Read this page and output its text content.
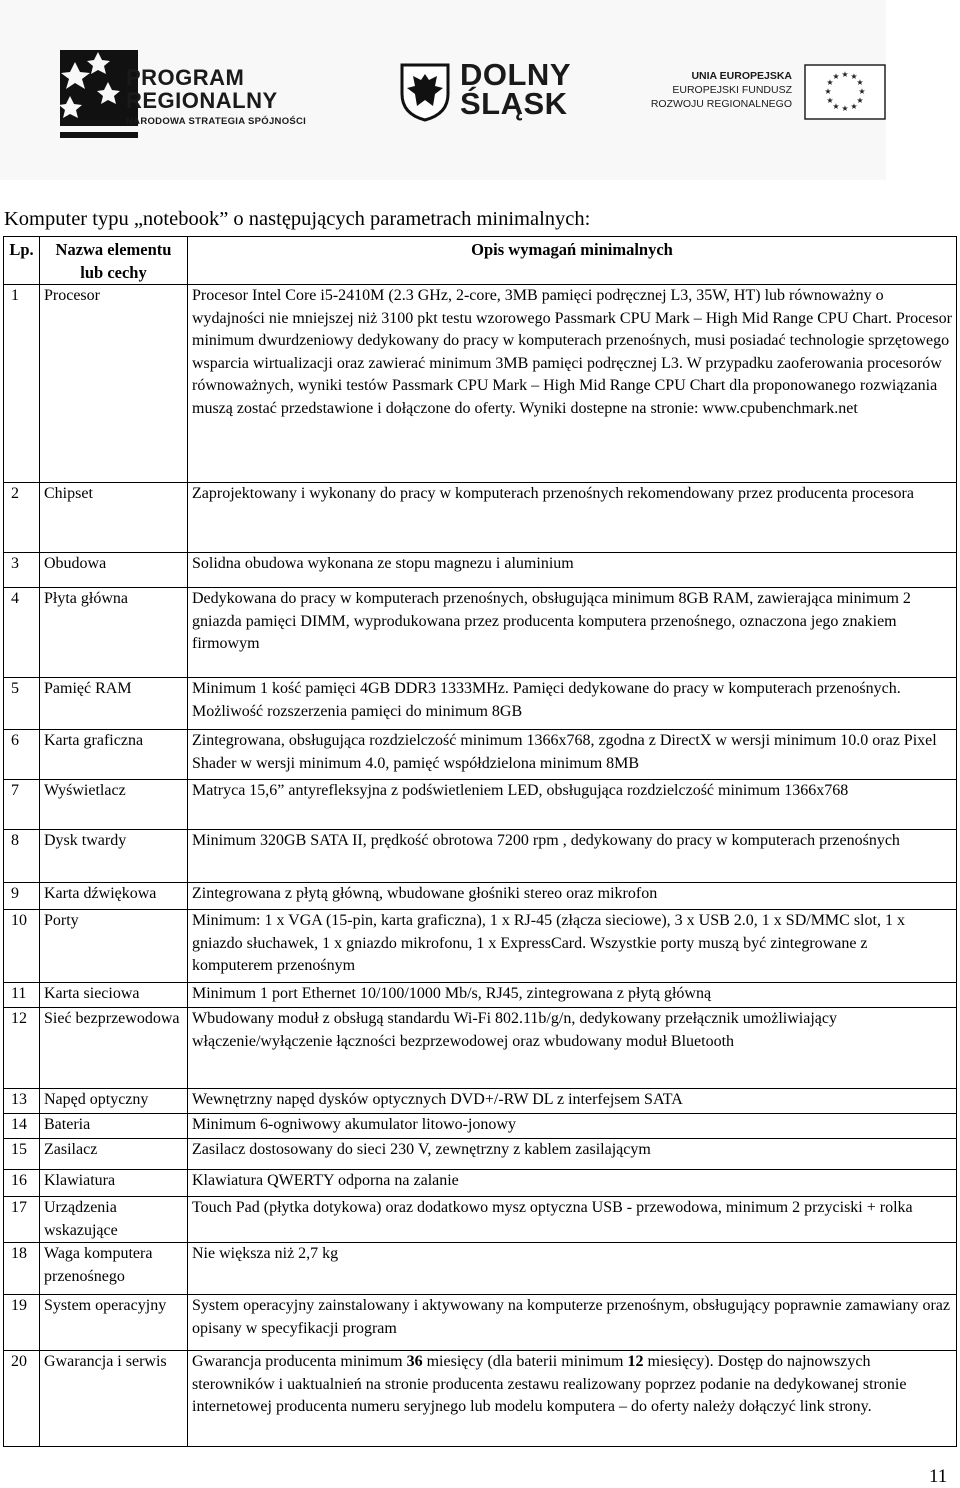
PROGRAM
REGIONALNY
NARODOWA STRATEGIA SPÓJNOŚCI
DOLNY
ŚLĄSK
UNIA EUROPEJSKA
EUROPEJSKI FUNDUSZ
ROZWOJU REGIONALNEGO
★ ★
★
★
★
★
★
★
★
★
★
★
Komputer typu „notebook” o następujących parametrach minimalnych:
Lp.	Nazwa elementu lub cechy	Opis wymagań minimalnych
1	Procesor	Procesor Intel Core i5-2410M (2.3 GHz, 2-core, 3MB pamięci podręcznej L3, 35W, HT) lub równoważny o wydajności nie mniejszej niż 3100 pkt testu wzorowego Passmark CPU Mark – High Mid Range CPU Chart. Procesor minimum dwurdzeniowy dedykowany do pracy w komputerach przenośnych, musi posiadać technologie sprzętowego wsparcia wirtualizacji oraz zawierać minimum 3MB pamięci podręcznej L3. W przypadku zaoferowania procesorów równoważnych, wyniki testów Passmark CPU Mark – High Mid Range CPU Chart dla proponowanego rozwiązania muszą zostać przedstawione i dołączone do oferty. Wyniki dostepne na stronie: www.cpubenchmark.net
2	Chipset	Zaprojektowany i wykonany do pracy w komputerach przenośnych rekomendowany przez producenta procesora
3	Obudowa	Solidna obudowa wykonana ze stopu magnezu i aluminium
4	Płyta główna	Dedykowana do pracy w komputerach przenośnych, obsługująca minimum 8GB RAM, zawierająca minimum 2 gniazda pamięci DIMM, wyprodukowana przez producenta komputera przenośnego, oznaczona jego znakiem firmowym
5	Pamięć RAM	Minimum 1 kość pamięci 4GB DDR3 1333MHz. Pamięci dedykowane do pracy w komputerach przenośnych. Możliwość rozszerzenia pamięci do minimum 8GB
6	Karta graficzna	Zintegrowana, obsługująca rozdzielczość minimum 1366x768, zgodna z DirectX w wersji minimum 10.0 oraz Pixel Shader w wersji minimum 4.0, pamięć współdzielona minimum 8MB
7	Wyświetlacz	Matryca 15,6” antyrefleksyjna z podświetleniem LED, obsługująca rozdzielczość minimum 1366x768
8	Dysk twardy	Minimum 320GB SATA II, prędkość obrotowa 7200 rpm , dedykowany do pracy w komputerach przenośnych
9	Karta dźwiękowa	Zintegrowana z płytą główną, wbudowane głośniki stereo oraz mikrofon
10	Porty	Minimum: 1 x VGA (15-pin, karta graficzna), 1 x RJ-45 (złącza sieciowe), 3 x USB 2.0, 1 x SD/MMC slot, 1 x gniazdo słuchawek, 1 x gniazdo mikrofonu, 1 x ExpressCard. Wszystkie porty muszą być zintegrowane z komputerem przenośnym
11	Karta sieciowa	Minimum 1 port Ethernet 10/100/1000 Mb/s, RJ45, zintegrowana z płytą główną
12	Sieć bezprzewodowa	Wbudowany moduł z obsługą standardu Wi-Fi 802.11b/g/n, dedykowany przełącznik umożliwiający włączenie/wyłączenie łączności bezprzewodowej oraz wbudowany moduł Bluetooth
13	Napęd optyczny	Wewnętrzny napęd dysków optycznych DVD+/-RW DL z interfejsem SATA
14	Bateria	Minimum 6-ogniwowy akumulator litowo-jonowy
15	Zasilacz	Zasilacz dostosowany do sieci 230 V, zewnętrzny z kablem zasilającym
16	Klawiatura	Klawiatura QWERTY odporna na zalanie
17	Urządzenia wskazujące	Touch Pad (płytka dotykowa) oraz dodatkowo mysz optyczna USB - przewodowa, minimum 2 przyciski + rolka
18	Waga komputera przenośnego	Nie większa niż 2,7 kg
19	System operacyjny	System operacyjny zainstalowany i aktywowany na komputerze przenośnym, obsługujący poprawnie zamawiany oraz opisany w specyfikacji program
20	Gwarancja i serwis	Gwarancja producenta minimum 36 miesięcy (dla baterii minimum 12 miesięcy). Dostęp do najnowszych sterowników i uaktualnień na stronie producenta zestawu realizowany poprzez podanie na dedykowanej stronie internetowej producenta numeru seryjnego lub modelu komputera – do oferty należy dołączyć link strony.
11
